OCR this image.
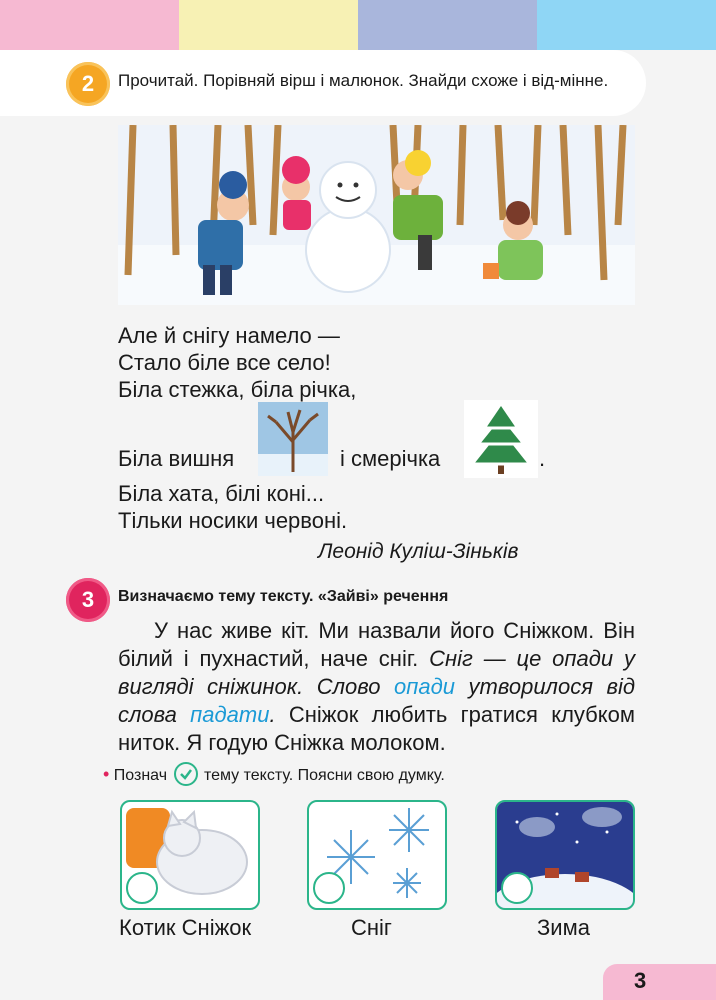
2	Прочитай. Порівняй вірш і малюнок. Знайди схоже і від-мінне.
Але й снігу намело —
Стало біле все село!
Біла стежка, біла річка,
Біла вишня	і смерічка	.
Біла хата, білі коні...
Тільки носики червоні.
Леонід Куліш-Зіньків
3	Визначаємо тему тексту. «Зайві» речення
У нас живе кіт. Ми назвали його Сніжком. Він білий і пухнастий, наче сніг. Сніг — це опади у вигляді сніжинок. Слово опади утворилося від слова падати. Сніжок любить гратися клубком ниток. Я годую Сніжка молоком.
• Познач тему тексту. Поясни свою думку.
Котик Сніжок	Сніг	Зима
3
